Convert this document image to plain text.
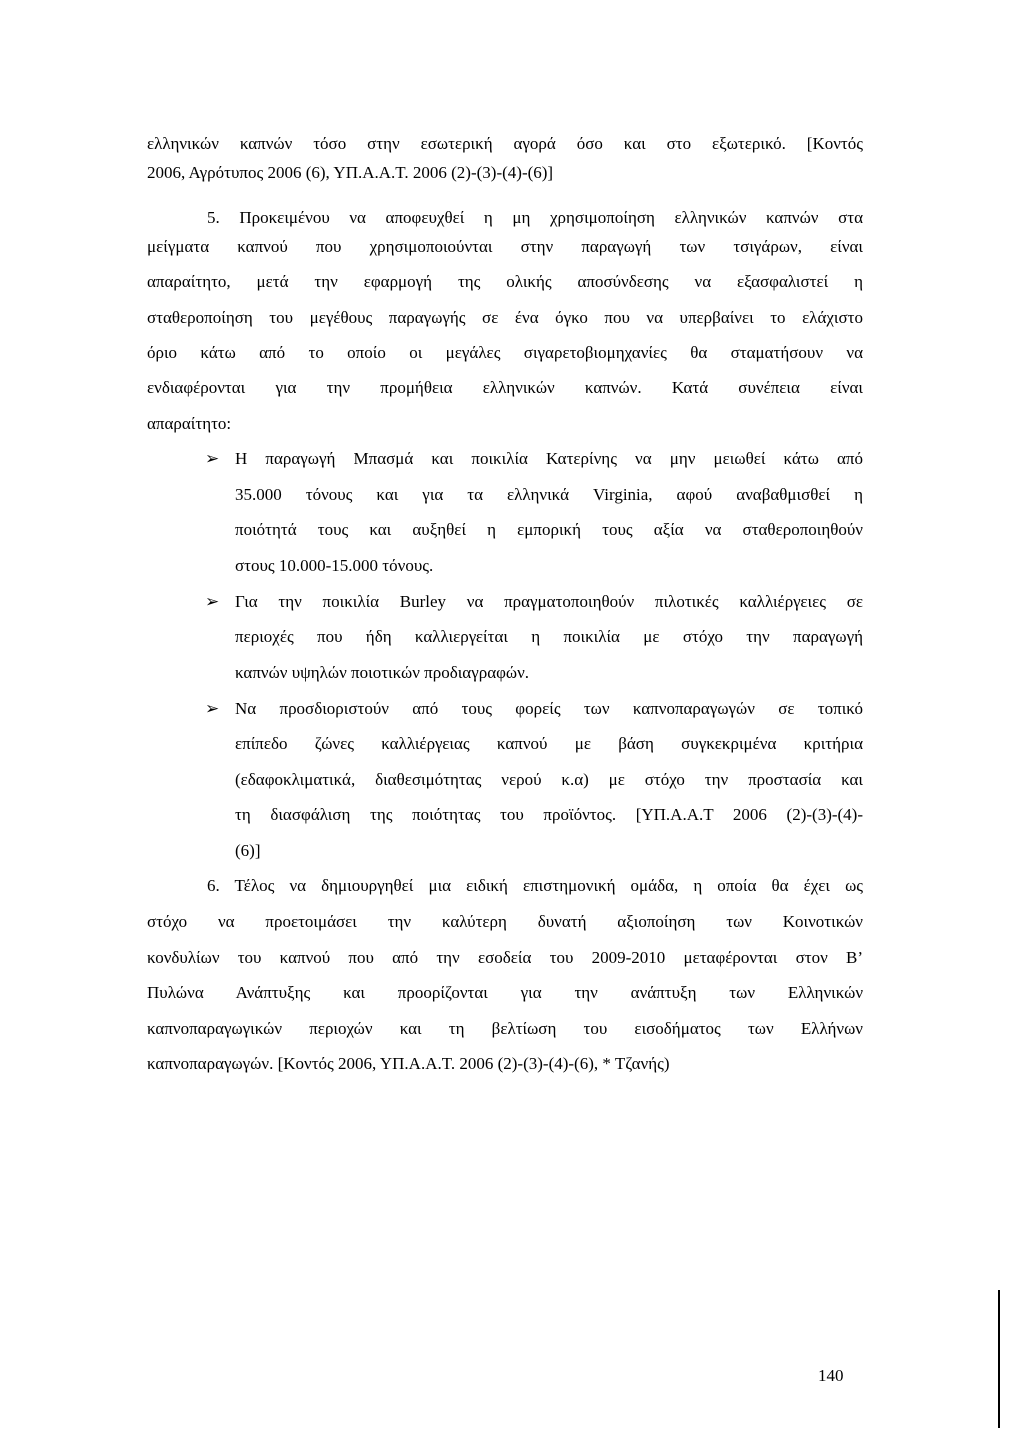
ελληνικών καπνών τόσο στην εσωτερική αγορά όσο και στο εξωτερικό. [Κοντός

2006, Αγρότυπος 2006 (6), ΥΠ.Α.Α.Τ. 2006 (2)-(3)-(4)-(6)]

5. Προκειμένου να αποφευχθεί η μη χρησιμοποίηση ελληνικών καπνών στα

μείγματα καπνού που χρησιμοποιούνται στην παραγωγή των τσιγάρων, είναι

απαραίτητο, μετά την εφαρμογή της ολικής αποσύνδεσης να εξασφαλιστεί η

σταθεροποίηση του μεγέθους παραγωγής σε ένα όγκο που να υπερβαίνει το ελάχιστο

όριο κάτω από το οποίο οι μεγάλες σιγαρετοβιομηχανίες θα σταματήσουν να

ενδιαφέρονται για την προμήθεια ελληνικών καπνών. Κατά συνέπεια είναι

απαραίτητο:

➢ Η παραγωγή Μπασμά και ποικιλία Κατερίνης να μην μειωθεί κάτω από

35.000 τόνους και για τα ελληνικά Virginia, αφού αναβαθμισθεί η

ποιότητά τους και αυξηθεί η εμπορική τους αξία να σταθεροποιηθούν

στους 10.000-15.000 τόνους.

➢ Για την ποικιλία Burley να πραγματοποιηθούν πιλοτικές καλλιέργειες σε

περιοχές που ήδη καλλιεργείται η ποικιλία με στόχο την παραγωγή

καπνών υψηλών ποιοτικών προδιαγραφών.

➢ Να προσδιοριστούν από τους φορείς των καπνοπαραγωγών σε τοπικό

επίπεδο ζώνες καλλιέργειας καπνού με βάση συγκεκριμένα κριτήρια

(εδαφοκλιματικά, διαθεσιμότητας νερού κ.α) με στόχο την προστασία και

τη διασφάλιση της ποιότητας του προϊόντος. [ΥΠ.Α.Α.Τ 2006 (2)-(3)-(4)-

(6)]

6. Τέλος να δημιουργηθεί μια ειδική επιστημονική ομάδα, η οποία θα έχει ως

στόχο να προετοιμάσει την καλύτερη δυνατή αξιοποίηση των Κοινοτικών

κονδυλίων του καπνού που από την εσοδεία του 2009-2010 μεταφέρονται στον Β’

Πυλώνα Ανάπτυξης και προορίζονται για την ανάπτυξη των Ελληνικών

καπνοπαραγωγικών περιοχών και τη βελτίωση του εισοδήματος των Ελλήνων

καπνοπαραγωγών. [Κοντός 2006, ΥΠ.Α.Α.Τ. 2006 (2)-(3)-(4)-(6), * Τζανής)

140
